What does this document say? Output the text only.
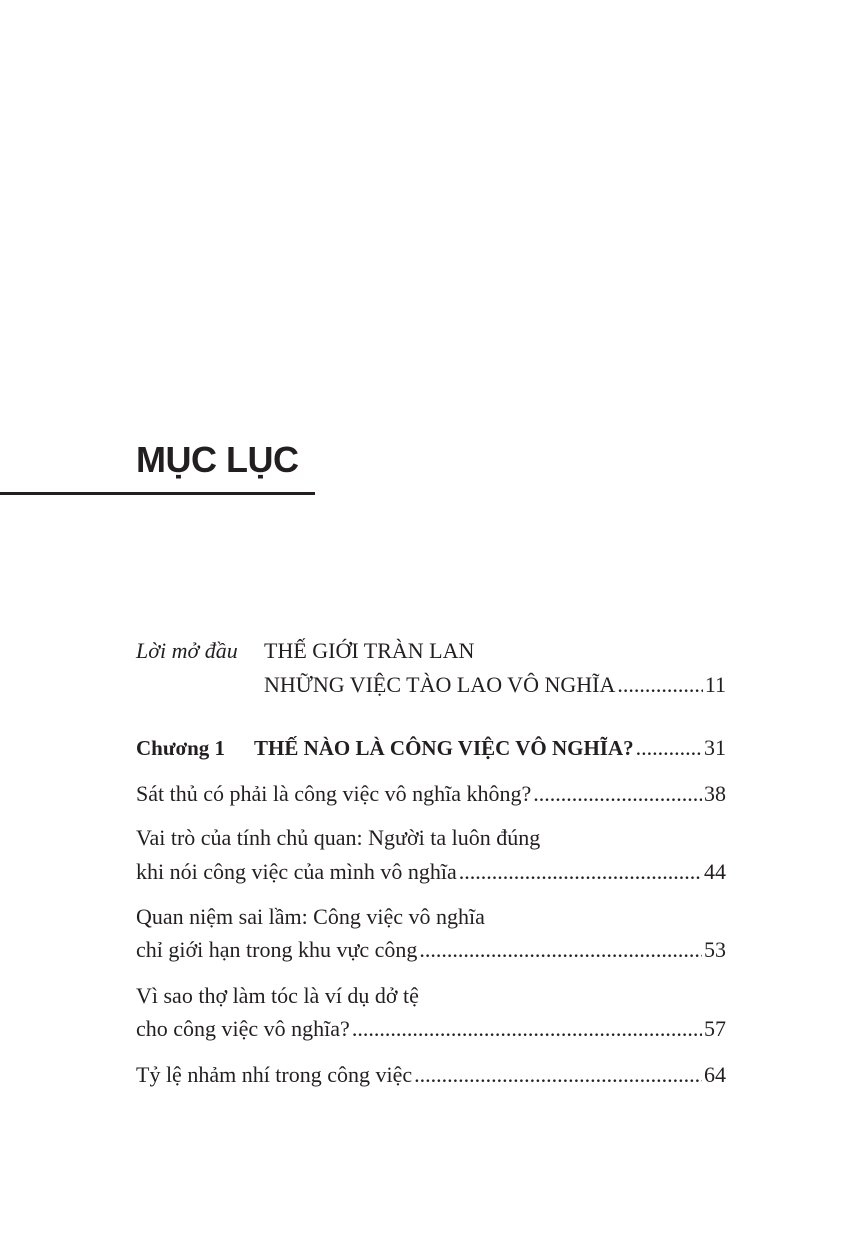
MỤC LỤC
Lời mở đầu THẾ GIỚI TRÀN LAN
NHỮNG VIỆC TÀO LAO VÔ NGHĨA .....	11
Chương 1	THẾ NÀO LÀ CÔNG VIỆC VÔ NGHĨA? .....	31
Sát thủ có phải là công việc vô nghĩa không? .....	38
Vai trò của tính chủ quan: Người ta luôn đúng
khi nói công việc của mình vô nghĩa .....	44
Quan niệm sai lầm: Công việc vô nghĩa
chỉ giới hạn trong khu vực công .....	53
Vì sao thợ làm tóc là ví dụ dở tệ
cho công việc vô nghĩa? .....	57
Tỷ lệ nhảm nhí trong công việc .....	64
